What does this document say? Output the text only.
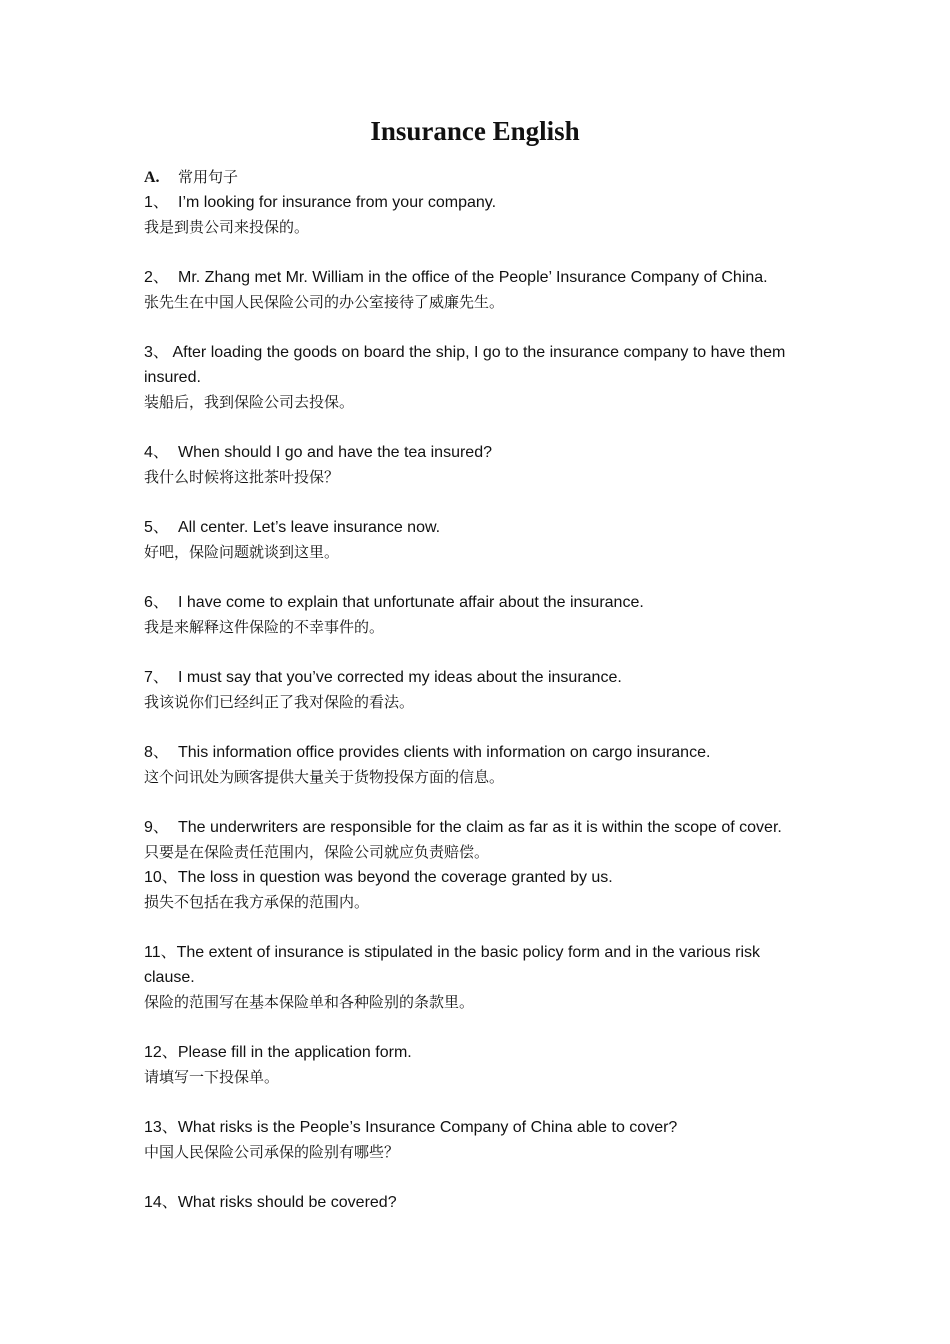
Insurance English
A. 常用句子

1、 I’m looking for insurance from your company.

我是到贵公司来投保的。

2、 Mr. Zhang met Mr. William in the office of the People’ Insurance Company of China.

张先生在中国人民保险公司的办公室接待了威廉先生。

3、 After loading the goods on board the ship, I go to the insurance company to have them insured.

装船后，我到保险公司去投保。

4、 When should I go and have the tea insured?

我什么时候将这批茶叶投保？

5、 All center. Let’s leave insurance now.

好吧，保险问题就谈到这里。

6、 I have come to explain that unfortunate affair about the insurance.

我是来解释这件保险的不幸事件的。

7、 I must say that you’ve corrected my ideas about the insurance.

我该说你们已经纠正了我对保险的看法。

8、 This information office provides clients with information on cargo insurance.

这个问讯处为顾客提供大量关于货物投保方面的信息。

9、 The underwriters are responsible for the claim as far as it is within the scope of cover.

只要是在保险责任范围内，保险公司就应负责赔偿。

10、The loss in question was beyond the coverage granted by us.

损失不包括在我方承保的范围内。

11、The extent of insurance is stipulated in the basic policy form and in the various risk clause.

保险的范围写在基本保险单和各种险别的条款里。

12、Please fill in the application form.

请填写一下投保单。

13、What risks is the People’s Insurance Company of China able to cover?

中国人民保险公司承保的险别有哪些？

14、What risks should be covered?
